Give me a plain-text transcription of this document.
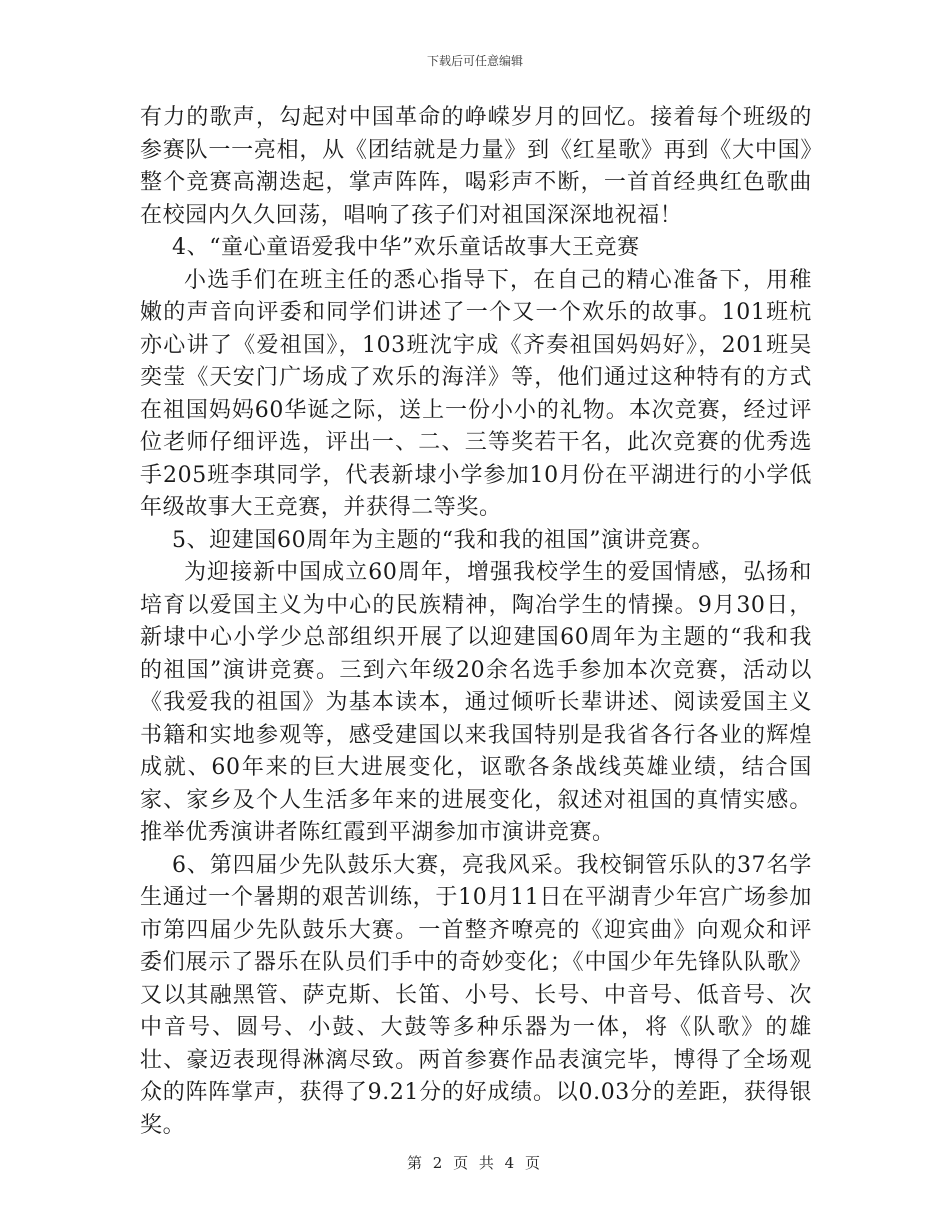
下载后可任意编辑

有力的歌声，勾起对中国革命的峥嵘岁月的回忆。接着每个班级的参赛队一一亮相，从《团结就是力量》到《红星歌》再到《大中国》整个竞赛高潮迭起，掌声阵阵，喝彩声不断，一首首经典红色歌曲在校园内久久回荡，唱响了孩子们对祖国深深地祝福！

4、“童心童语爱我中华”欢乐童话故事大王竞赛

小选手们在班主任的悉心指导下，在自己的精心准备下，用稚嫩的声音向评委和同学们讲述了一个又一个欢乐的故事。101班杭亦心讲了《爱祖国》，103班沈宇成《齐奏祖国妈妈好》，201班吴奕莹《天安门广场成了欢乐的海洋》等，他们通过这种特有的方式在祖国妈妈60华诞之际，送上一份小小的礼物。本次竞赛，经过评位老师仔细评选，评出一、二、三等奖若干名，此次竞赛的优秀选手205班李琪同学，代表新埭小学参加10月份在平湖进行的小学低年级故事大王竞赛，并获得二等奖。

5、迎建国60周年为主题的“我和我的祖国”演讲竞赛。

为迎接新中国成立60周年，增强我校学生的爱国情感，弘扬和培育以爱国主义为中心的民族精神，陶冶学生的情操。9月30日，新埭中心小学少总部组织开展了以迎建国60周年为主题的“我和我的祖国”演讲竞赛。三到六年级20余名选手参加本次竞赛，活动以《我爱我的祖国》为基本读本，通过倾听长辈讲述、阅读爱国主义书籍和实地参观等，感受建国以来我国特别是我省各行各业的辉煌成就、60年来的巨大进展变化，讴歌各条战线英雄业绩，结合国家、家乡及个人生活多年来的进展变化，叙述对祖国的真情实感。推举优秀演讲者陈红霞到平湖参加市演讲竞赛。

6、第四届少先队鼓乐大赛，亮我风采。我校铜管乐队的37名学生通过一个暑期的艰苦训练，于10月11日在平湖青少年宫广场参加市第四届少先队鼓乐大赛。一首整齐嘹亮的《迎宾曲》向观众和评委们展示了器乐在队员们手中的奇妙变化；《中国少年先锋队队歌》又以其融黑管、萨克斯、长笛、小号、长号、中音号、低音号、次中音号、圆号、小鼓、大鼓等多种乐器为一体，将《队歌》的雄壮、豪迈表现得淋漓尽致。两首参赛作品表演完毕，博得了全场观众的阵阵掌声，获得了9.21分的好成绩。以0.03分的差距，获得银奖。

第 2 页 共 4 页
